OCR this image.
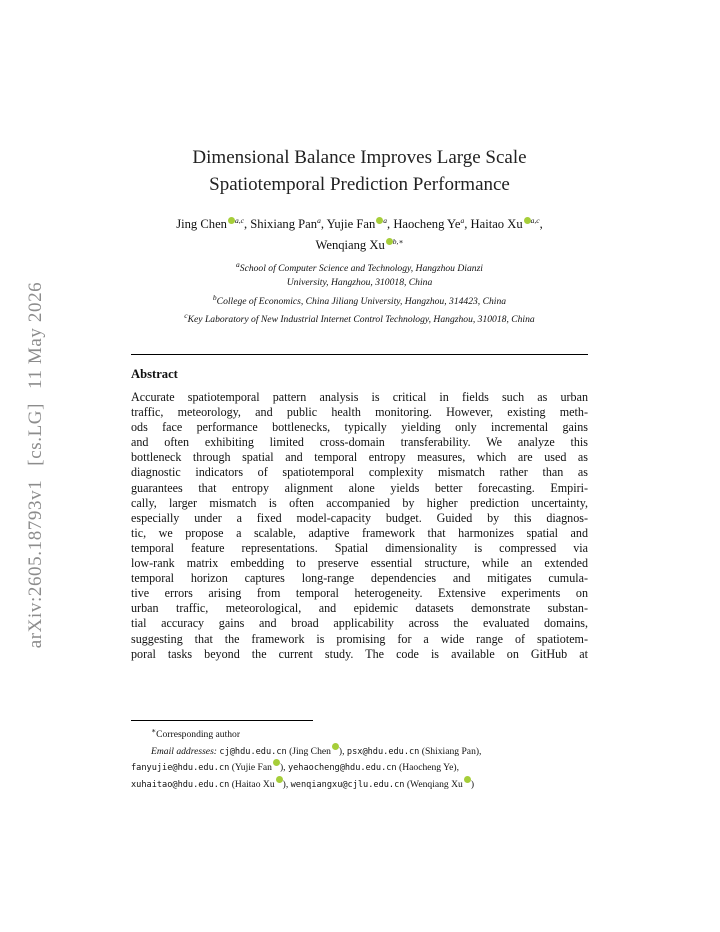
arXiv:2605.18793v1[cs.LG]11 May 2026
Dimensional Balance Improves Large Scale
Spatiotemporal Prediction Performance
Jing Chen $^{a,c}$, Shixiang Pan$^a$, Yujie Fan $^a$, Haocheng Ye$^a$, Haitao Xu $^{a,c}$,
Wenqiang Xu $^{b,∗}$
$^a$School of Computer Science and Technology, Hangzhou Dianzi
University, Hangzhou, 310018, China
$^b$College of Economics, China Jiliang University, Hangzhou, 314423, China
$^c$Key Laboratory of New Industrial Internet Control Technology, Hangzhou, 310018, China
Abstract
Accurate spatiotemporal pattern analysis is critical in fields such as urban
traffic, meteorology, and public health monitoring. However, existing meth-
ods face performance bottlenecks, typically yielding only incremental gains
and often exhibiting limited cross-domain transferability. We analyze this
bottleneck through spatial and temporal entropy measures, which are used as
diagnostic indicators of spatiotemporal complexity mismatch rather than as
guarantees that entropy alignment alone yields better forecasting. Empiri-
cally, larger mismatch is often accompanied by higher prediction uncertainty,
especially under a fixed model-capacity budget. Guided by this diagnos-
tic, we propose a scalable, adaptive framework that harmonizes spatial and
temporal feature representations. Spatial dimensionality is compressed via
low-rank matrix embedding to preserve essential structure, while an extended
temporal horizon captures long-range dependencies and mitigates cumula-
tive errors arising from temporal heterogeneity. Extensive experiments on
urban traffic, meteorological, and epidemic datasets demonstrate substan-
tial accuracy gains and broad applicability across the evaluated domains,
suggesting that the framework is promising for a wide range of spatiotem-
poral tasks beyond the current study. The code is available on GitHub at
∗Corresponding author
Email addresses: cj@hdu.edu.cn (Jing Chen ), psx@hdu.edu.cn (Shixiang Pan),
fanyujie@hdu.edu.cn (Yujie Fan ), yehaocheng@hdu.edu.cn (Haocheng Ye),
xuhaitao@hdu.edu.cn (Haitao Xu ), wenqiangxu@cjlu.edu.cn (Wenqiang Xu )
